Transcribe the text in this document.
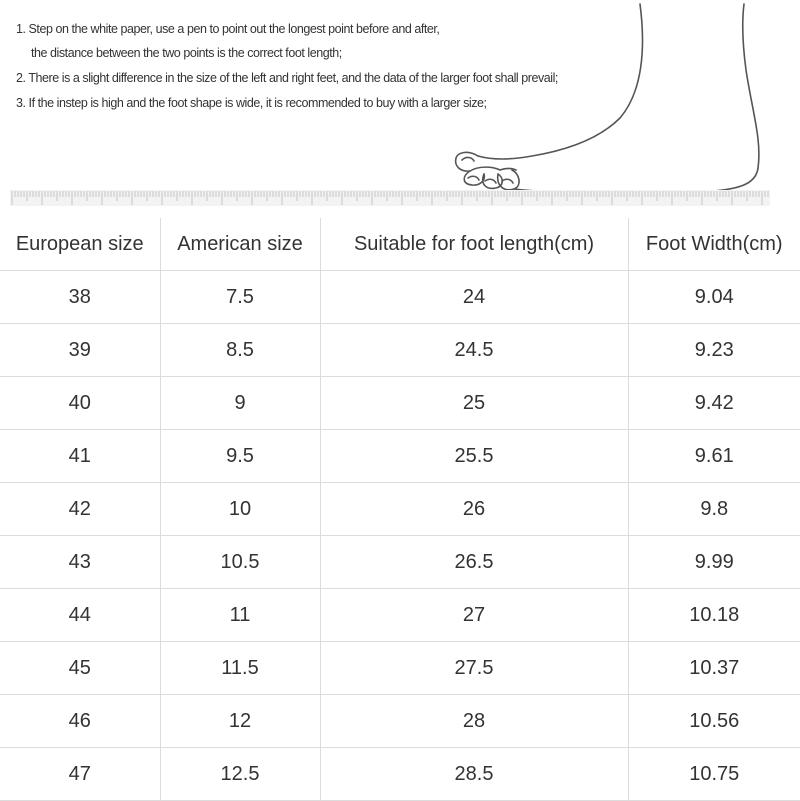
1. Step on the white paper, use a pen to point out the longest point before and after,
the distance between the two points is the correct foot length;
2. There is a slight difference in the size of the left and right feet, and the data of the larger foot shall prevail;
3. If the instep is high and the foot shape is wide, it is recommended to buy with a larger size;
European size	American size	Suitable for foot length(cm)	Foot Width(cm)
38	7.5	24	9.04
39	8.5	24.5	9.23
40	9	25	9.42
41	9.5	25.5	9.61
42	10	26	9.8
43	10.5	26.5	9.99
44	11	27	10.18
45	11.5	27.5	10.37
46	12	28	10.56
47	12.5	28.5	10.75
